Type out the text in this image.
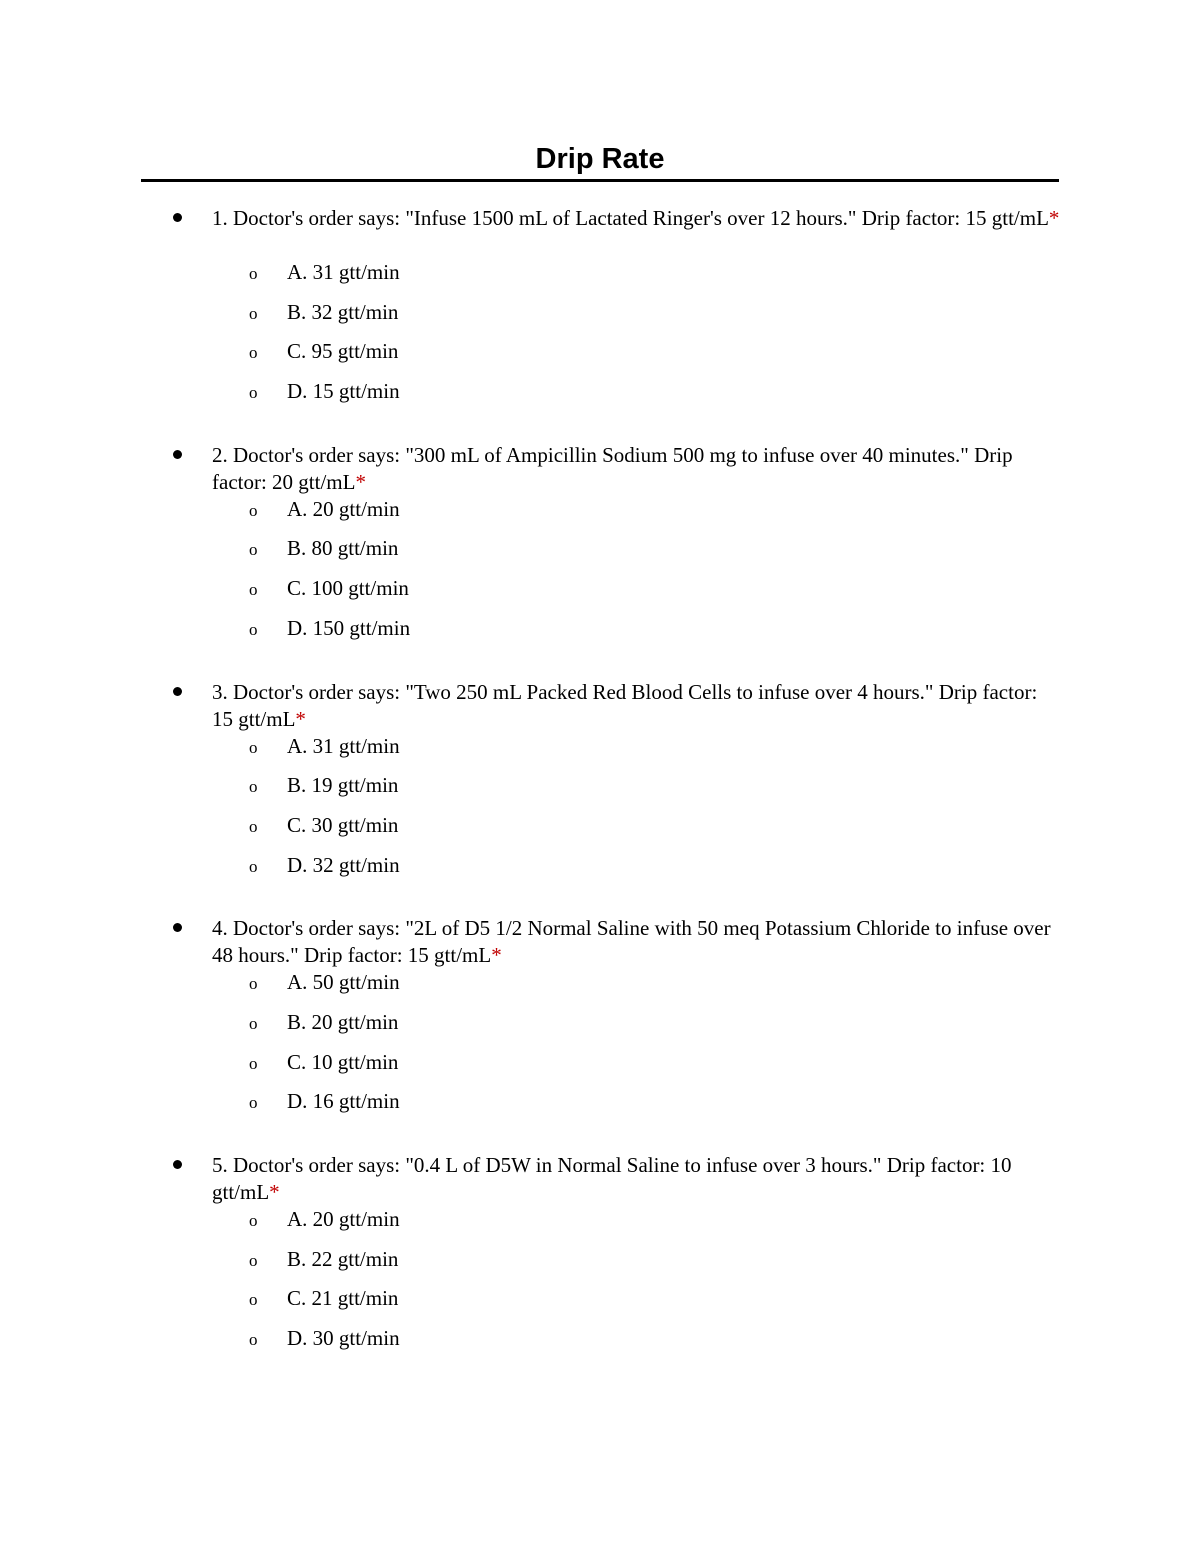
Drip Rate

1. Doctor's order says: "Infuse 1500 mL of Lactated Ringer's over 12 hours." Drip factor: 15 gtt/mL*

o A. 31 gtt/min
o B. 32 gtt/min
o C. 95 gtt/min
o D. 15 gtt/min

2. Doctor's order says: "300 mL of Ampicillin Sodium 500 mg to infuse over 40 minutes." Drip factor: 20 gtt/mL*

o A. 20 gtt/min
o B. 80 gtt/min
o C. 100 gtt/min
o D. 150 gtt/min

3. Doctor's order says: "Two 250 mL Packed Red Blood Cells to infuse over 4 hours." Drip factor: 15 gtt/mL*

o A. 31 gtt/min
o B. 19 gtt/min
o C. 30 gtt/min
o D. 32 gtt/min

4. Doctor's order says: "2L of D5 1/2 Normal Saline with 50 meq Potassium Chloride to infuse over 48 hours." Drip factor: 15 gtt/mL*

o A. 50 gtt/min
o B. 20 gtt/min
o C. 10 gtt/min
o D. 16 gtt/min

5. Doctor's order says: "0.4 L of D5W in Normal Saline to infuse over 3 hours." Drip factor: 10 gtt/mL*

o A. 20 gtt/min
o B. 22 gtt/min
o C. 21 gtt/min
o D. 30 gtt/min
